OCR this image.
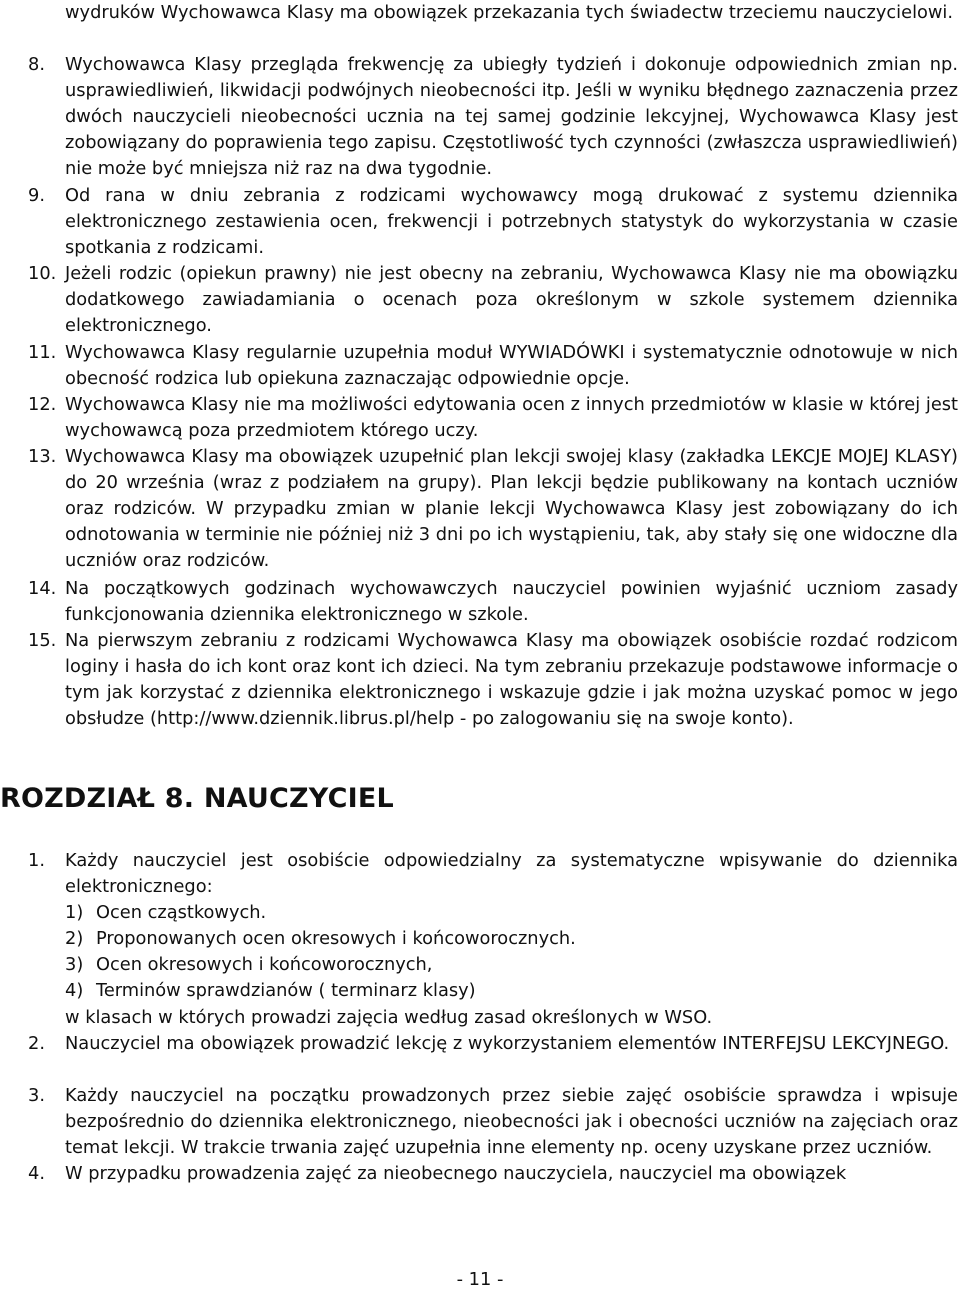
wydruków Wychowawca Klasy ma obowiązek przekazania tych świadectw trzeciemu nauczycielowi.
8. Wychowawca Klasy przegląda frekwencję za ubiegły tydzień i dokonuje odpowiednich zmian np. usprawiedliwień, likwidacji podwójnych nieobecności itp. Jeśli w wyniku błędnego zaznaczenia przez dwóch nauczycieli nieobecności ucznia na tej samej godzinie lekcyjnej, Wychowawca Klasy jest zobowiązany do poprawienia tego zapisu. Częstotliwość tych czynności (zwłaszcza usprawiedliwień) nie może być mniejsza niż raz na dwa tygodnie.
9. Od rana w dniu zebrania z rodzicami wychowawcy mogą drukować z systemu dziennika elektronicznego zestawienia ocen, frekwencji i potrzebnych statystyk do wykorzystania w czasie spotkania z rodzicami.
10. Jeżeli rodzic (opiekun prawny) nie jest obecny na zebraniu, Wychowawca Klasy nie ma obowiązku dodatkowego zawiadamiania o ocenach poza określonym w szkole systemem dziennika elektronicznego.
11. Wychowawca Klasy regularnie uzupełnia moduł WYWIADÓWKI i systematycznie odnotowuje w nich obecność rodzica lub opiekuna zaznaczając odpowiednie opcje.
12. Wychowawca Klasy nie ma możliwości edytowania ocen z innych przedmiotów w klasie w której jest wychowawcą poza przedmiotem którego uczy.
13. Wychowawca Klasy ma obowiązek uzupełnić plan lekcji swojej klasy (zakładka LEKCJE MOJEJ KLASY) do 20 września (wraz z podziałem na grupy). Plan lekcji będzie publikowany na kontach uczniów oraz rodziców. W przypadku zmian w planie lekcji Wychowawca Klasy jest zobowiązany do ich odnotowania w terminie nie później niż 3 dni po ich wystąpieniu, tak, aby stały się one widoczne dla uczniów oraz rodziców.
14. Na początkowych godzinach wychowawczych nauczyciel powinien wyjaśnić uczniom zasady funkcjonowania dziennika elektronicznego w szkole.
15. Na pierwszym zebraniu z rodzicami Wychowawca Klasy ma obowiązek osobiście rozdać rodzicom loginy i hasła do ich kont oraz kont ich dzieci. Na tym zebraniu przekazuje podstawowe informacje o tym jak korzystać z dziennika elektronicznego i wskazuje gdzie i jak można uzyskać pomoc w jego obsłudze (http://www.dziennik.librus.pl/help - po zalogowaniu się na swoje konto).
ROZDZIAŁ 8. NAUCZYCIEL
1. Każdy nauczyciel jest osobiście odpowiedzialny za systematyczne wpisywanie do dziennika elektronicznego:
1) Ocen cząstkowych.
2) Proponowanych ocen okresowych i końcoworocznych.
3) Ocen okresowych i końcoworocznych,
4) Terminów sprawdzianów ( terminarz klasy)
w klasach w których prowadzi zajęcia według zasad określonych w WSO.
2. Nauczyciel ma obowiązek prowadzić lekcję z wykorzystaniem elementów INTERFEJSU LEKCYJNEGO.
3. Każdy nauczyciel na początku prowadzonych przez siebie zajęć osobiście sprawdza i wpisuje bezpośrednio do dziennika elektronicznego, nieobecności jak i obecności uczniów na zajęciach oraz temat lekcji. W trakcie trwania zajęć uzupełnia inne elementy np. oceny uzyskane przez uczniów.
4. W przypadku prowadzenia zajęć za nieobecnego nauczyciela, nauczyciel ma obowiązek
- 11 -
